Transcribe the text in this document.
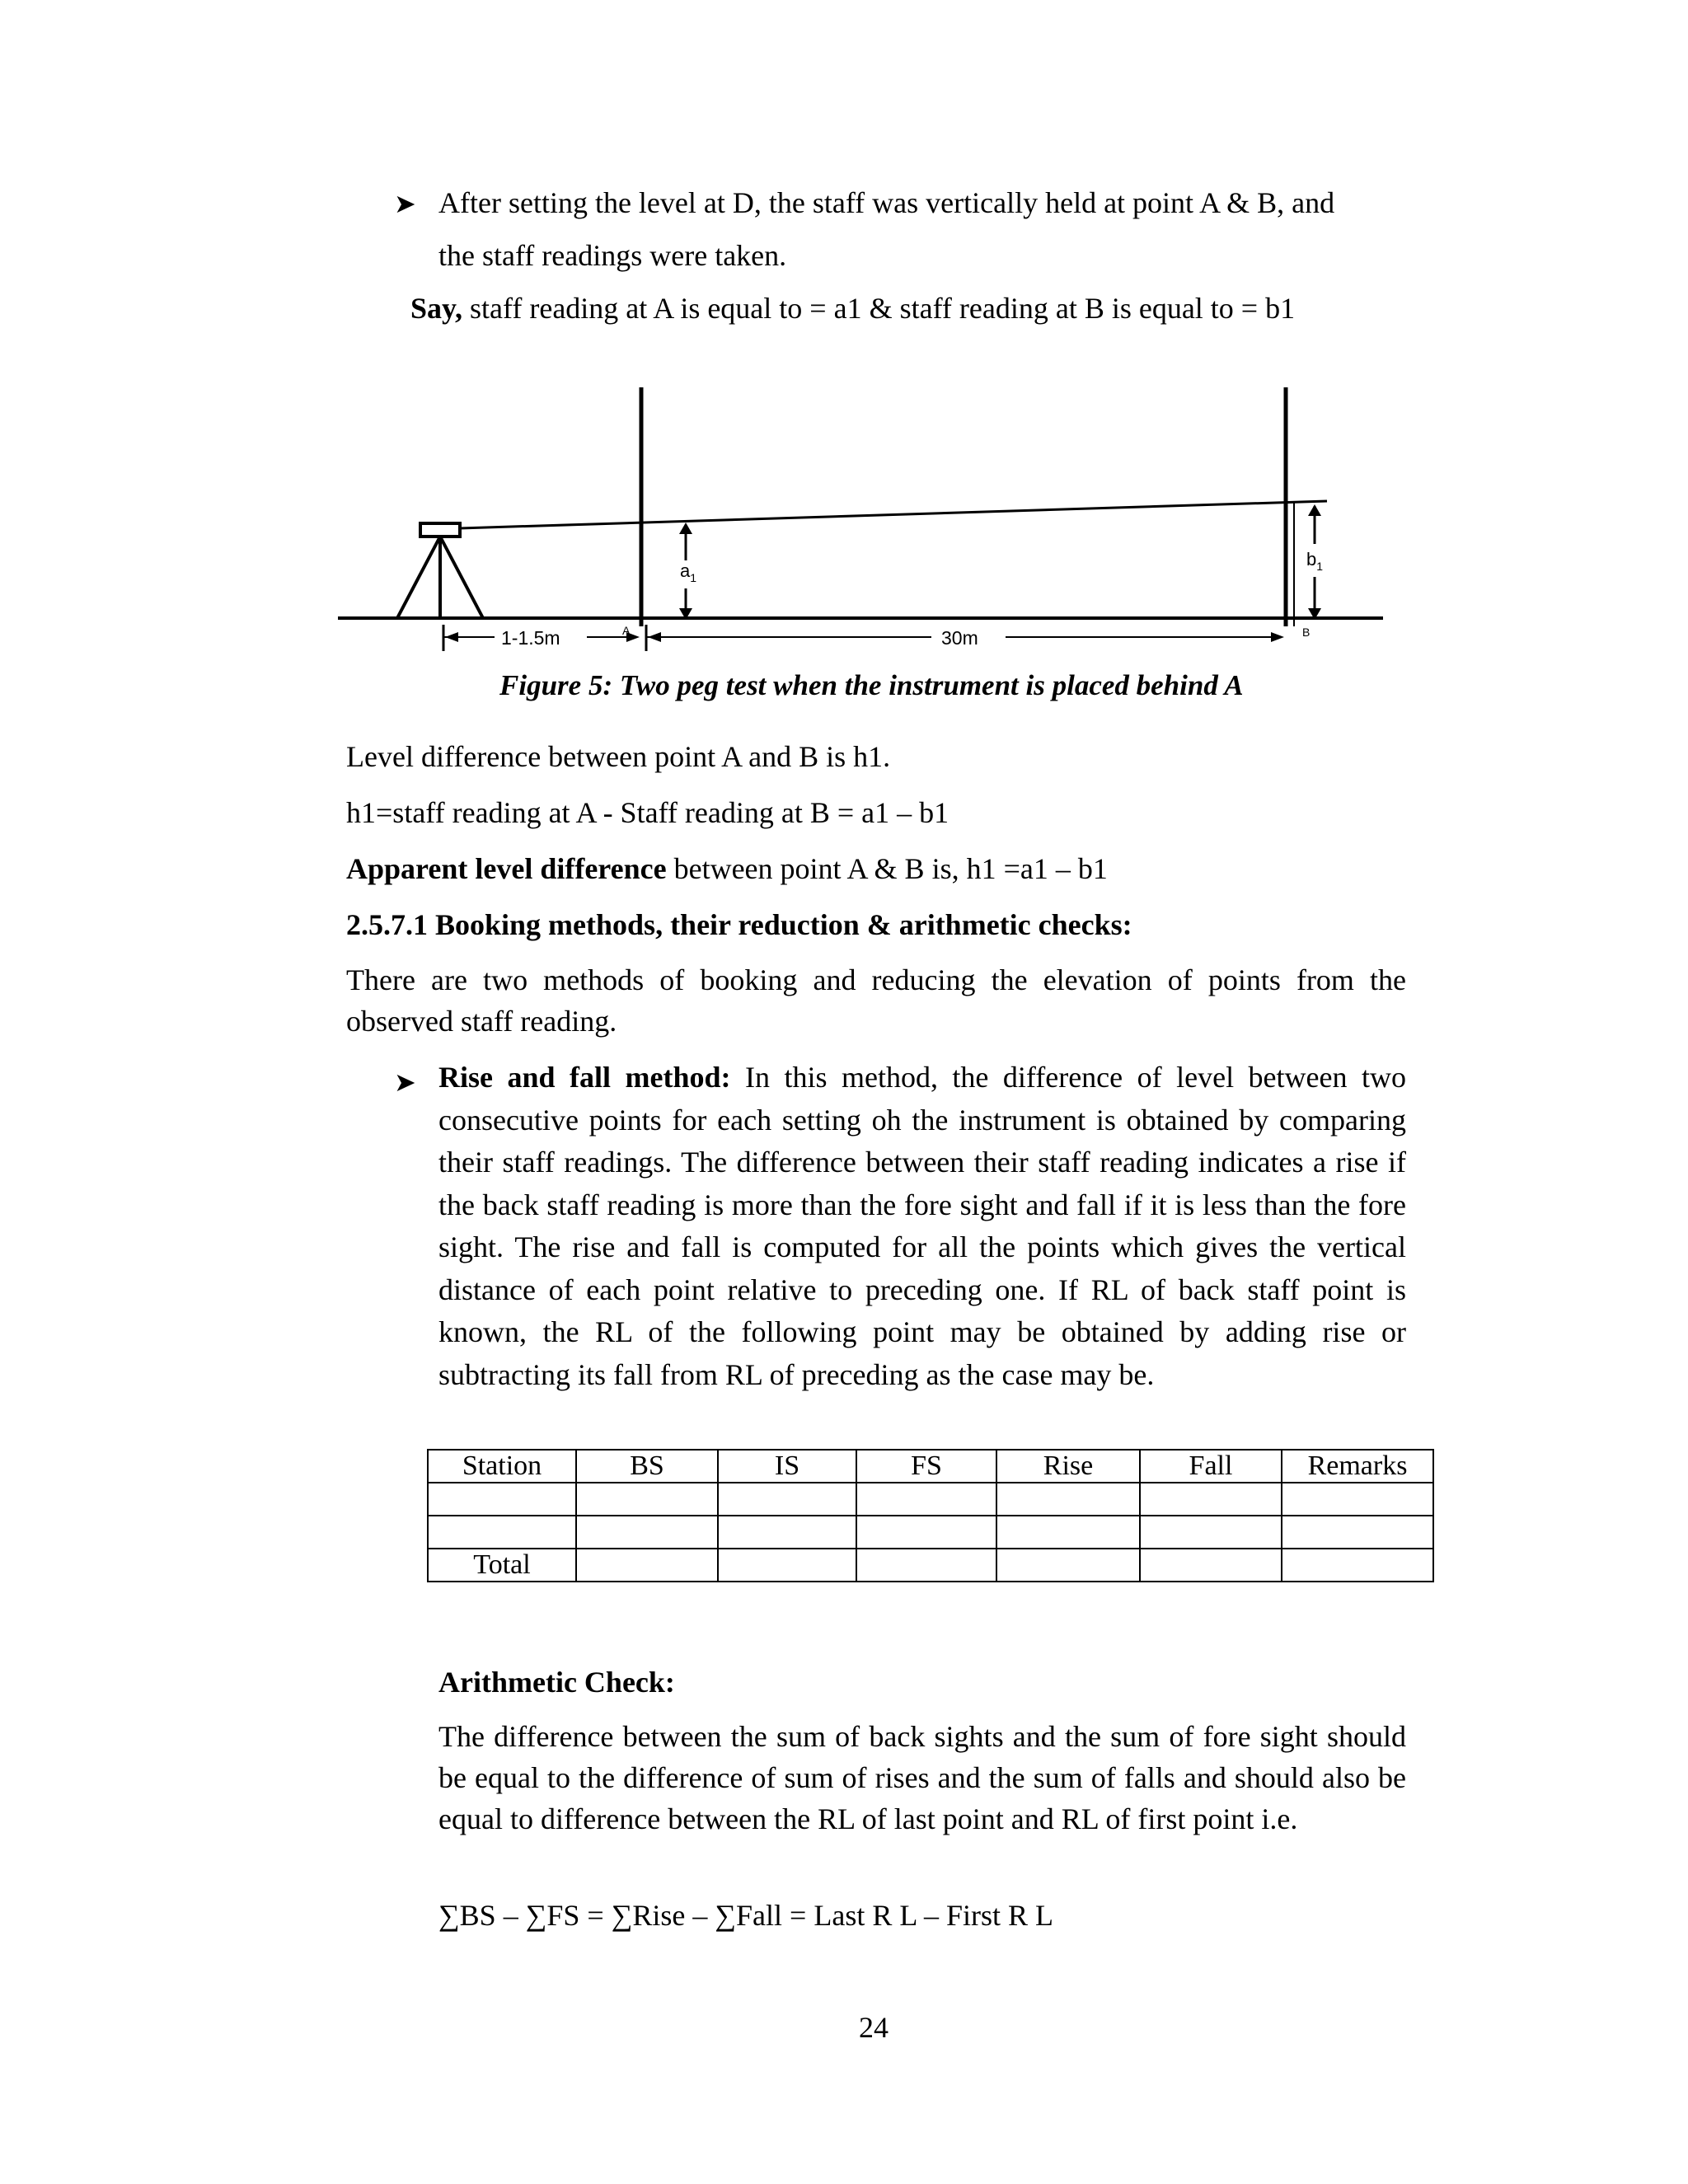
➤ After setting the level at D, the staff was vertically held at point A & B, and

the staff readings were taken.

Say, staff reading at A is equal to = a1 & staff reading at B is equal to = b1

$a_1$
$b_1$
1-1.5m	A	30m	B
Figure 5: Two peg test when the instrument is placed behind A

Level difference between point A and B is h1.

h1=staff reading at A - Staff reading at B = a1 – b1

Apparent level difference between point A & B is, h1 =a1 – b1

2.5.7.1 Booking methods, their reduction & arithmetic checks:

There are two methods of booking and reducing the elevation of points from the observed staff reading.

➤ Rise and fall method: In this method, the difference of level between two consecutive points for each setting oh the instrument is obtained by comparing their staff readings. The difference between their staff reading indicates a rise if the back staff reading is more than the fore sight and fall if it is less than the fore sight. The rise and fall is computed for all the points which gives the vertical distance of each point relative to preceding one. If RL of back staff point is known, the RL of the following point may be obtained by adding rise or subtracting its fall from RL of preceding as the case may be.

Station	BS	IS	FS	Rise	Fall	Remarks

Total						

Arithmetic Check:

The difference between the sum of back sights and the sum of fore sight should be equal to the difference of sum of rises and the sum of falls and should also be equal to difference between the RL of last point and RL of first point i.e.

∑BS – ∑FS = ∑Rise – ∑Fall = Last R L – First R L

24
